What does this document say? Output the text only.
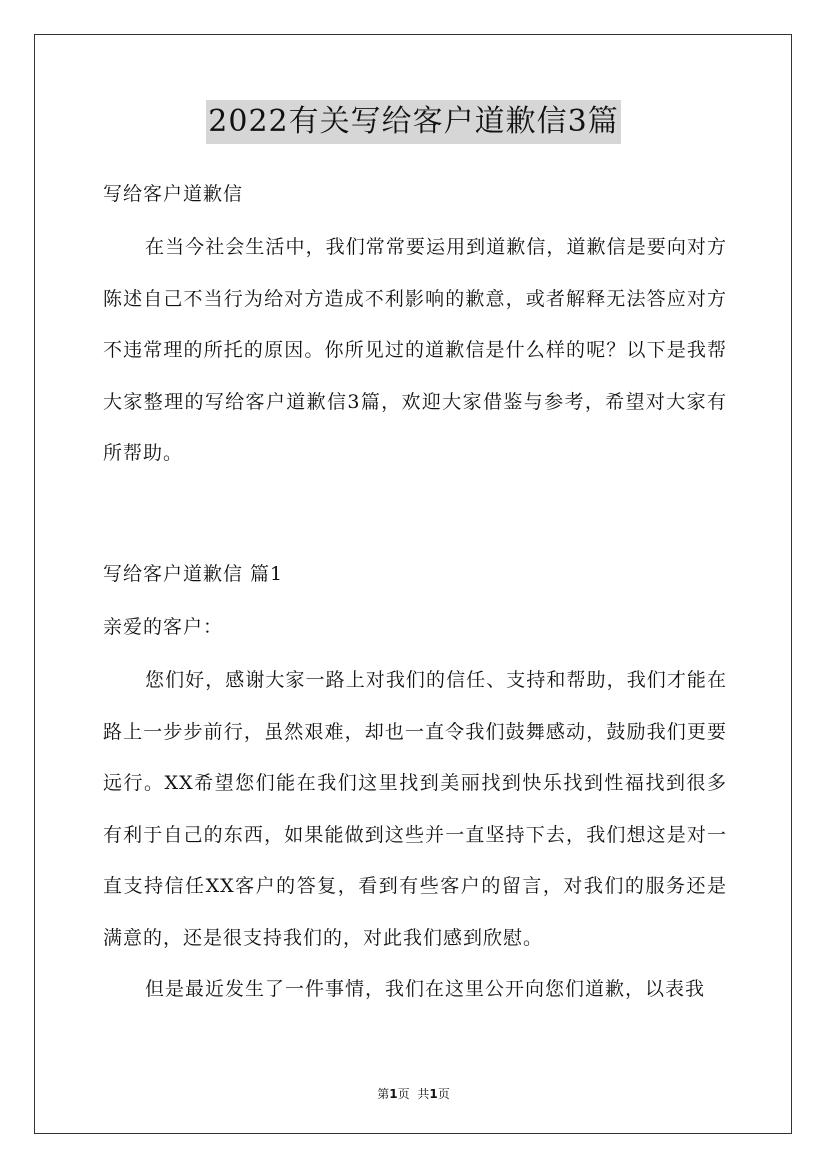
2022有关写给客户道歉信3篇
写给客户道歉信

在当今社会生活中，我们常常要运用到道歉信，道歉信是要向对方陈述自己不当行为给对方造成不利影响的歉意，或者解释无法答应对方不违常理的所托的原因。你所见过的道歉信是什么样的呢？以下是我帮大家整理的写给客户道歉信3篇，欢迎大家借鉴与参考，希望对大家有所帮助。

写给客户道歉信 篇1
亲爱的客户：

您们好，感谢大家一路上对我们的信任、支持和帮助，我们才能在路上一步步前行，虽然艰难，却也一直令我们鼓舞感动，鼓励我们更要远行。XX希望您们能在我们这里找到美丽找到快乐找到性福找到很多有利于自己的东西，如果能做到这些并一直坚持下去，我们想这是对一直支持信任XX客户的答复，看到有些客户的留言，对我们的服务还是满意的，还是很支持我们的，对此我们感到欣慰。

但是最近发生了一件事情，我们在这里公开向您们道歉，以表我

第1页 共1页
